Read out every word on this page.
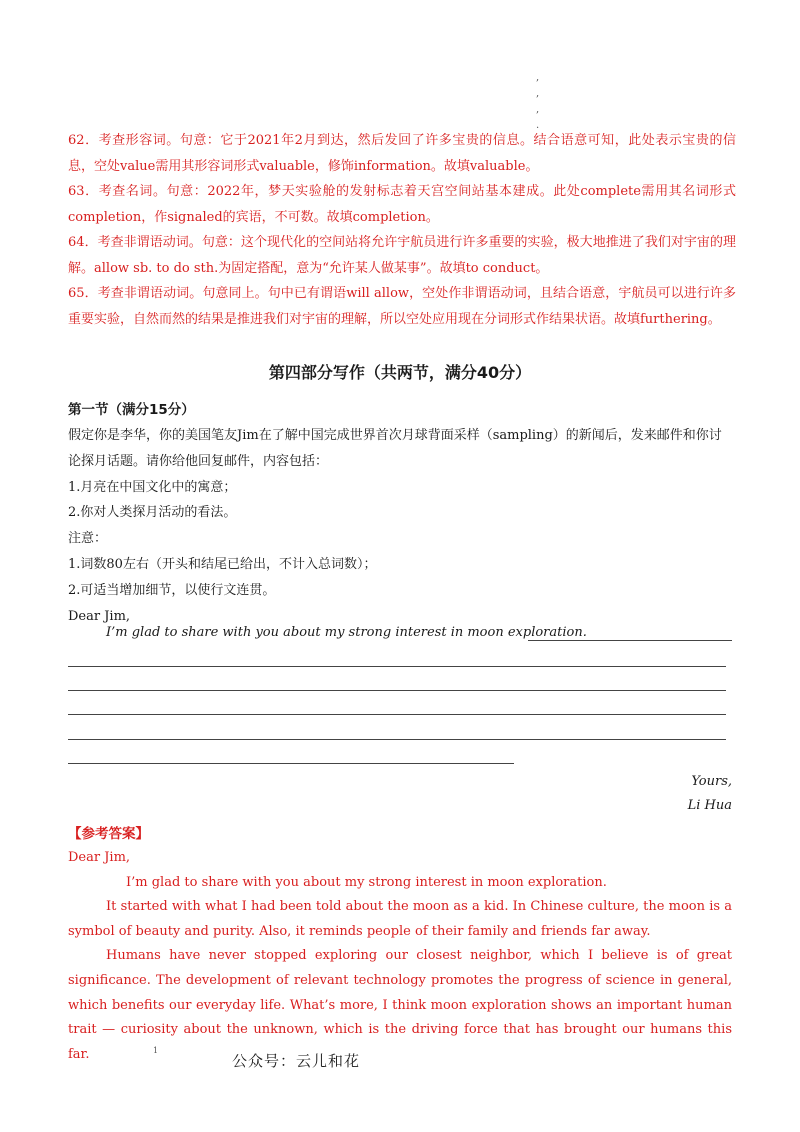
,
,
,
.

62．考查形容词。句意：它于2021年2月到达，然后发回了许多宝贵的信息。结合语意可知，此处表示宝贵的信息，空处value需用其形容词形式valuable，修饰information。故填valuable。

63．考查名词。句意：2022年，梦天实验舱的发射标志着天宫空间站基本建成。此处complete需用其名词形式completion，作signaled的宾语，不可数。故填completion。

64．考查非谓语动词。句意：这个现代化的空间站将允许宇航员进行许多重要的实验，极大地推进了我们对宇宙的理解。allow sb. to do sth.为固定搭配，意为“允许某人做某事”。故填to conduct。

65．考查非谓语动词。句意同上。句中已有谓语will allow，空处作非谓语动词，且结合语意，宇航员可以进行许多重要实验，自然而然的结果是推进我们对宇宙的理解，所以空处应用现在分词形式作结果状语。故填furthering。

第四部分写作（共两节，满分40分）
第一节（满分15分）

假定你是李华，你的美国笔友Jim在了解中国完成世界首次月球背面采样（sampling）的新闻后，发来邮件和你讨论探月话题。请你给他回复邮件，内容包括：

1.月亮在中国文化中的寓意；

2.你对人类探月活动的看法。

注意：

1.词数80左右（开头和结尾已给出，不计入总词数）；

2.可适当增加细节，以使行文连贯。

Dear Jim,

I’m glad to share with you about my strong interest in moon exploration.
Yours,
Li Hua
【参考答案】

Dear Jim,

I’m glad to share with you about my strong interest in moon exploration.

It started with what I had been told about the moon as a kid. In Chinese culture, the moon is a symbol of beauty and purity. Also, it reminds people of their family and friends far away.

Humans have never stopped exploring our closest neighbor, which I believe is of great significance. The development of relevant technology promotes the progress of science in general, which benefits our everyday life. What’s more, I think moon exploration shows an important human trait — curiosity about the unknown, which is the driving force that has brought our humans this far.	1
公众号：云儿和花
